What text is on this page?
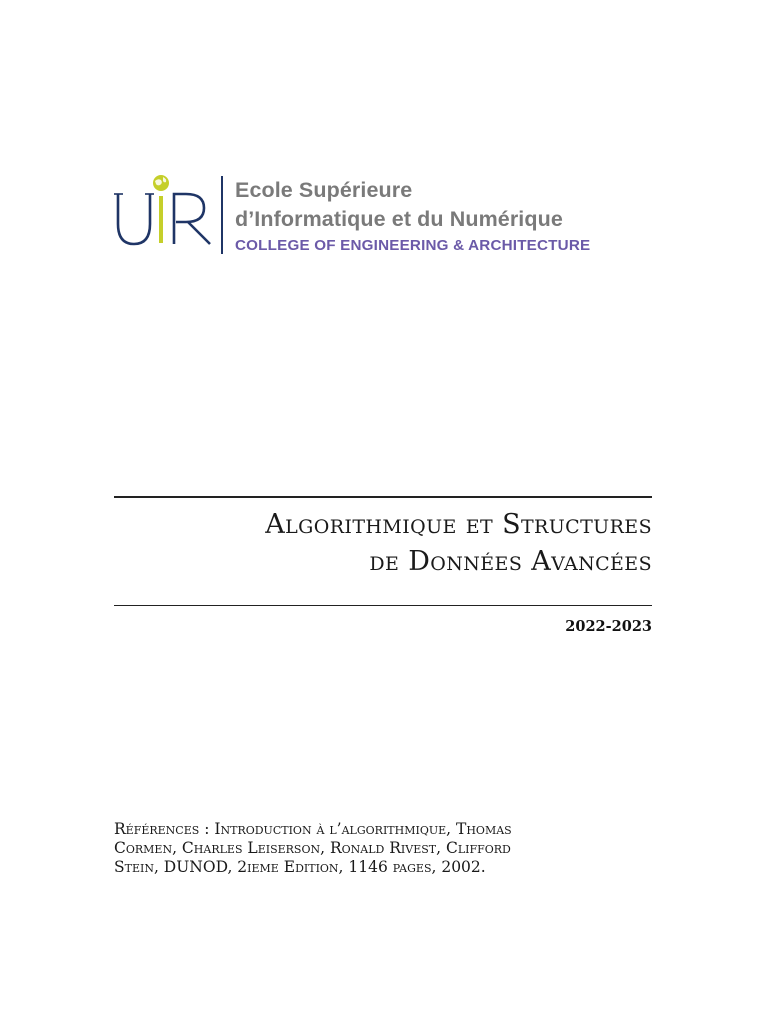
Ecole Supérieure
d’Informatique et du Numérique
COLLEGE OF ENGINEERING & ARCHITECTURE
Algorithmique et Structures
de Données Avancées
2022-2023
Références : Introduction à l’algorithmique, Thomas
Cormen, Charles Leiserson, Ronald Rivest, Clifford
Stein, DUNOD, 2ieme Edition, 1146 pages, 2002.
